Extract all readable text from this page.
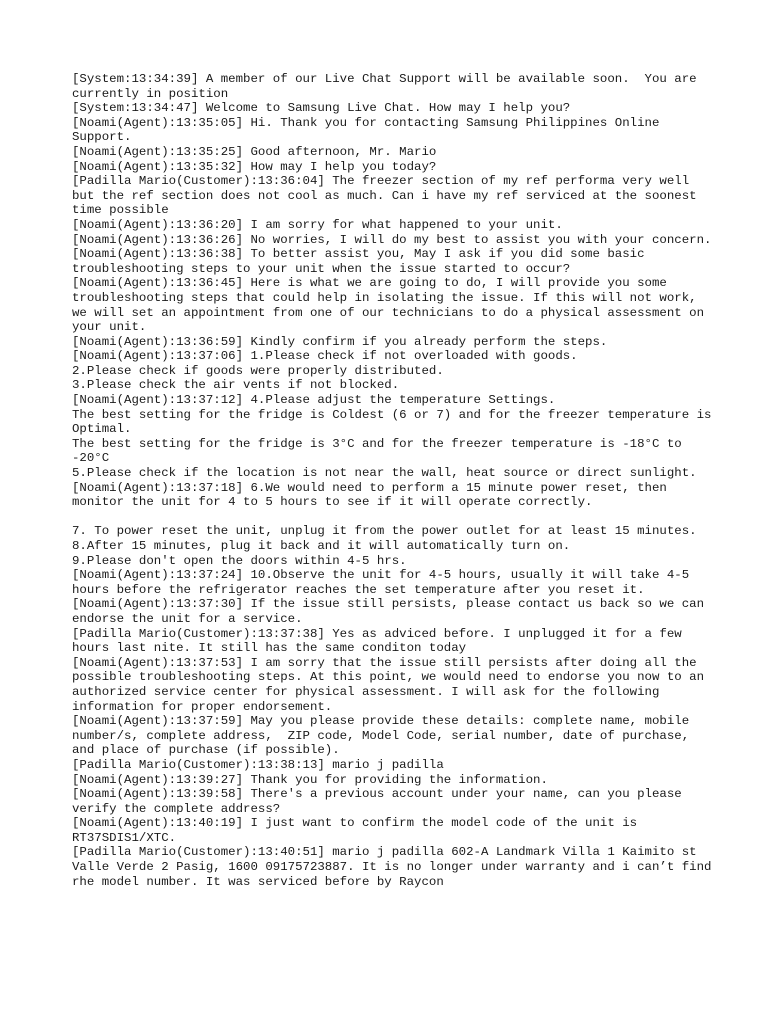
[System:13:34:39] A member of our Live Chat Support will be available soon.  You are currently in position
[System:13:34:47] Welcome to Samsung Live Chat. How may I help you?
[Noami(Agent):13:35:05] Hi. Thank you for contacting Samsung Philippines Online Support.
[Noami(Agent):13:35:25] Good afternoon, Mr. Mario
[Noami(Agent):13:35:32] How may I help you today?
[Padilla Mario(Customer):13:36:04] The freezer section of my ref performa very well but the ref section does not cool as much. Can i have my ref serviced at the soonest time possible
[Noami(Agent):13:36:20] I am sorry for what happened to your unit.
[Noami(Agent):13:36:26] No worries, I will do my best to assist you with your concern.
[Noami(Agent):13:36:38] To better assist you, May I ask if you did some basic troubleshooting steps to your unit when the issue started to occur?
[Noami(Agent):13:36:45] Here is what we are going to do, I will provide you some troubleshooting steps that could help in isolating the issue. If this will not work, we will set an appointment from one of our technicians to do a physical assessment on your unit.
[Noami(Agent):13:36:59] Kindly confirm if you already perform the steps.
[Noami(Agent):13:37:06] 1.Please check if not overloaded with goods.
2.Please check if goods were properly distributed.
3.Please check the air vents if not blocked.
[Noami(Agent):13:37:12] 4.Please adjust the temperature Settings.
The best setting for the fridge is Coldest (6 or 7) and for the freezer temperature is Optimal.
The best setting for the fridge is 3°C and for the freezer temperature is -18°C to -20°C
5.Please check if the location is not near the wall, heat source or direct sunlight.
[Noami(Agent):13:37:18] 6.We would need to perform a 15 minute power reset, then monitor the unit for 4 to 5 hours to see if it will operate correctly.
7. To power reset the unit, unplug it from the power outlet for at least 15 minutes.
8.After 15 minutes, plug it back and it will automatically turn on.
9.Please don't open the doors within 4-5 hrs.
[Noami(Agent):13:37:24] 10.Observe the unit for 4-5 hours, usually it will take 4-5 hours before the refrigerator reaches the set temperature after you reset it.
[Noami(Agent):13:37:30] If the issue still persists, please contact us back so we can endorse the unit for a service.
[Padilla Mario(Customer):13:37:38] Yes as adviced before. I unplugged it for a few hours last nite. It still has the same conditon today
[Noami(Agent):13:37:53] I am sorry that the issue still persists after doing all the possible troubleshooting steps. At this point, we would need to endorse you now to an authorized service center for physical assessment. I will ask for the following information for proper endorsement.
[Noami(Agent):13:37:59] May you please provide these details: complete name, mobile number/s, complete address,  ZIP code, Model Code, serial number, date of purchase, and place of purchase (if possible).
[Padilla Mario(Customer):13:38:13] mario j padilla
[Noami(Agent):13:39:27] Thank you for providing the information.
[Noami(Agent):13:39:58] There's a previous account under your name, can you please verify the complete address?
[Noami(Agent):13:40:19] I just want to confirm the model code of the unit is RT37SDIS1/XTC.
[Padilla Mario(Customer):13:40:51] mario j padilla 602-A Landmark Villa 1 Kaimito st Valle Verde 2 Pasig, 1600 09175723887. It is no longer under warranty and i can’t find rhe model number. It was serviced before by Raycon
